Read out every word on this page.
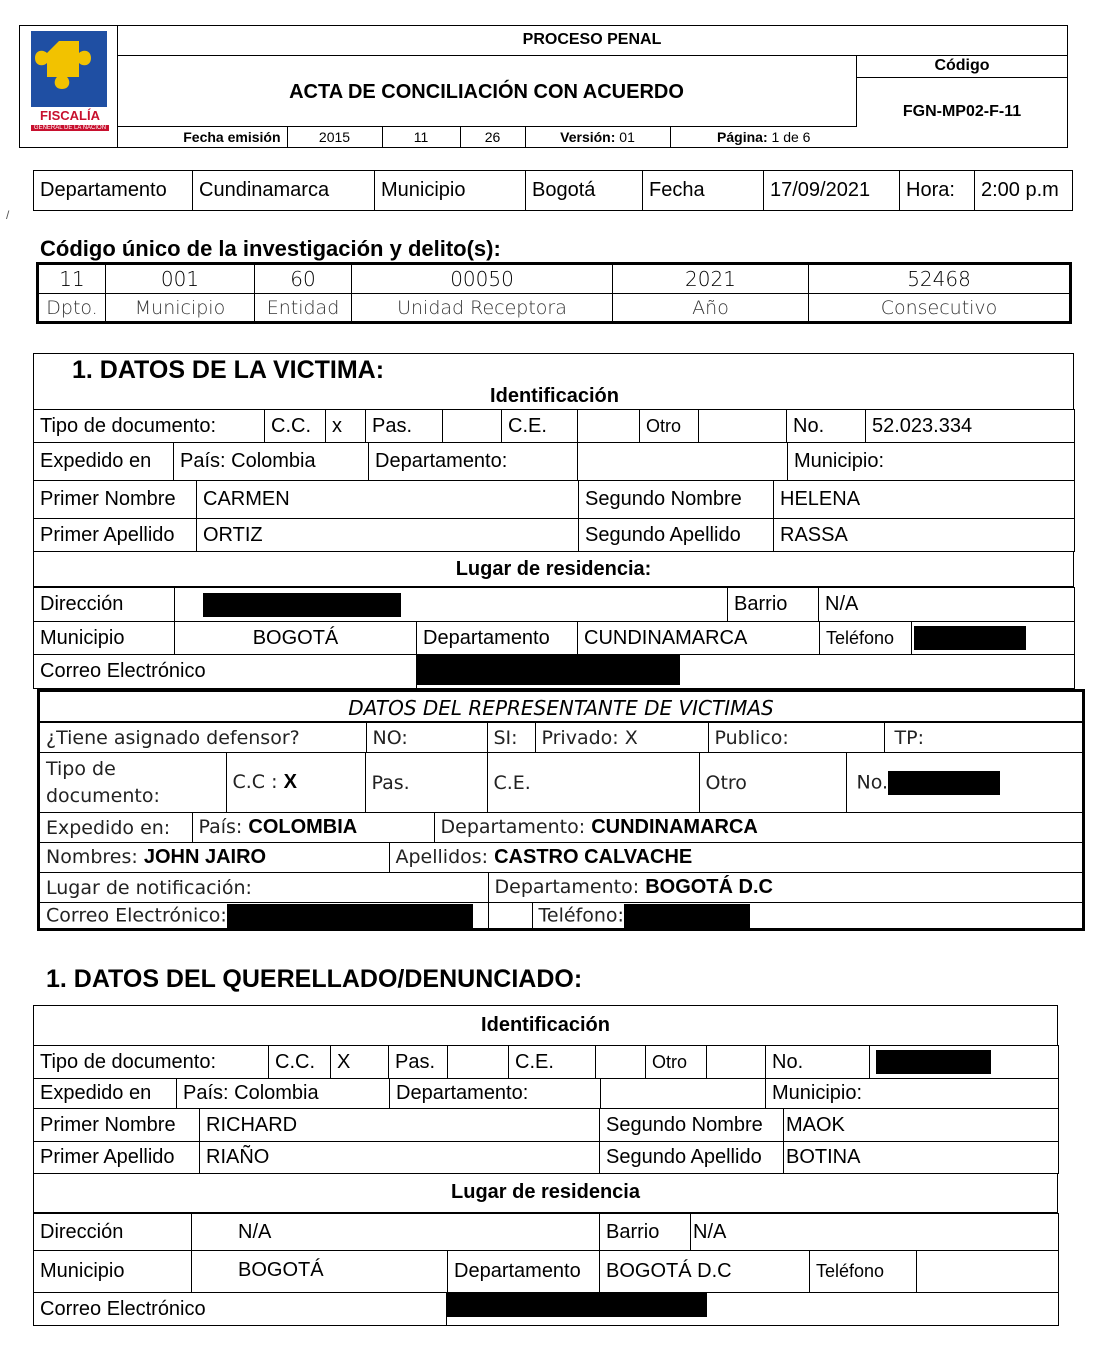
FISCALÍA
GENERAL DE LA NACIÓN
PROCESO PENAL
ACTA DE CONCILIACIÓN CON ACUERDO
Código
FGN-MP02-F-11
Fecha emisión	2015	11	26	Versión: 01	Página: 1 de 6
Departamento	Cundinamarca	Municipio	Bogotá	Fecha	17/09/2021	Hora:	2:00 p.m
Código único de la investigación y delito(s):
11	001	60	00050	2021	52468
Dpto.	Municipio	Entidad	Unidad Receptora	Año	Consecutivo
1. DATOS DE LA VICTIMA:
Identificación
Tipo de documento:	C.C.	x	Pas.		C.E.		Otro		No.	52.023.334
Expedido en	País: Colombia	Departamento:		Municipio:
Primer Nombre	CARMEN	Segundo Nombre	HELENA
Primer Apellido	ORTIZ	Segundo Apellido	RASSA
Lugar de residencia:
Dirección		Barrio	N/A
Municipio	BOGOTÁ	Departamento	CUNDINAMARCA	Teléfono	
Correo Electrónico	
DATOS DEL REPRESENTANTE DE VICTIMAS
¿Tiene asignado defensor?	NO:	SI:	Privado: X	Publico:	TP:
Tipo de documento:	C.C : X	Pas.	C.E.	Otro	No.
Expedido en:	País: COLOMBIA	Departamento: CUNDINAMARCA
Nombres: JOHN JAIRO	Apellidos: CASTRO CALVACHE
Lugar de notificación:	Departamento: BOGOTÁ D.C
Correo Electrónico:		Teléfono:
1. DATOS DEL QUERELLADO/DENUNCIADO:
Identificación
Tipo de documento:	C.C.	X	Pas.		C.E.		Otro		No.	
Expedido en	País: Colombia	Departamento:		Municipio:
Primer Nombre	RICHARD	Segundo Nombre	MAOK
Primer Apellido	RIAÑO	Segundo Apellido	BOTINA
Lugar de residencia
Dirección	N/A	Barrio	N/A
Municipio	BOGOTÁ	Departamento	BOGOTÁ D.C	Teléfono	
Correo Electrónico	
/
